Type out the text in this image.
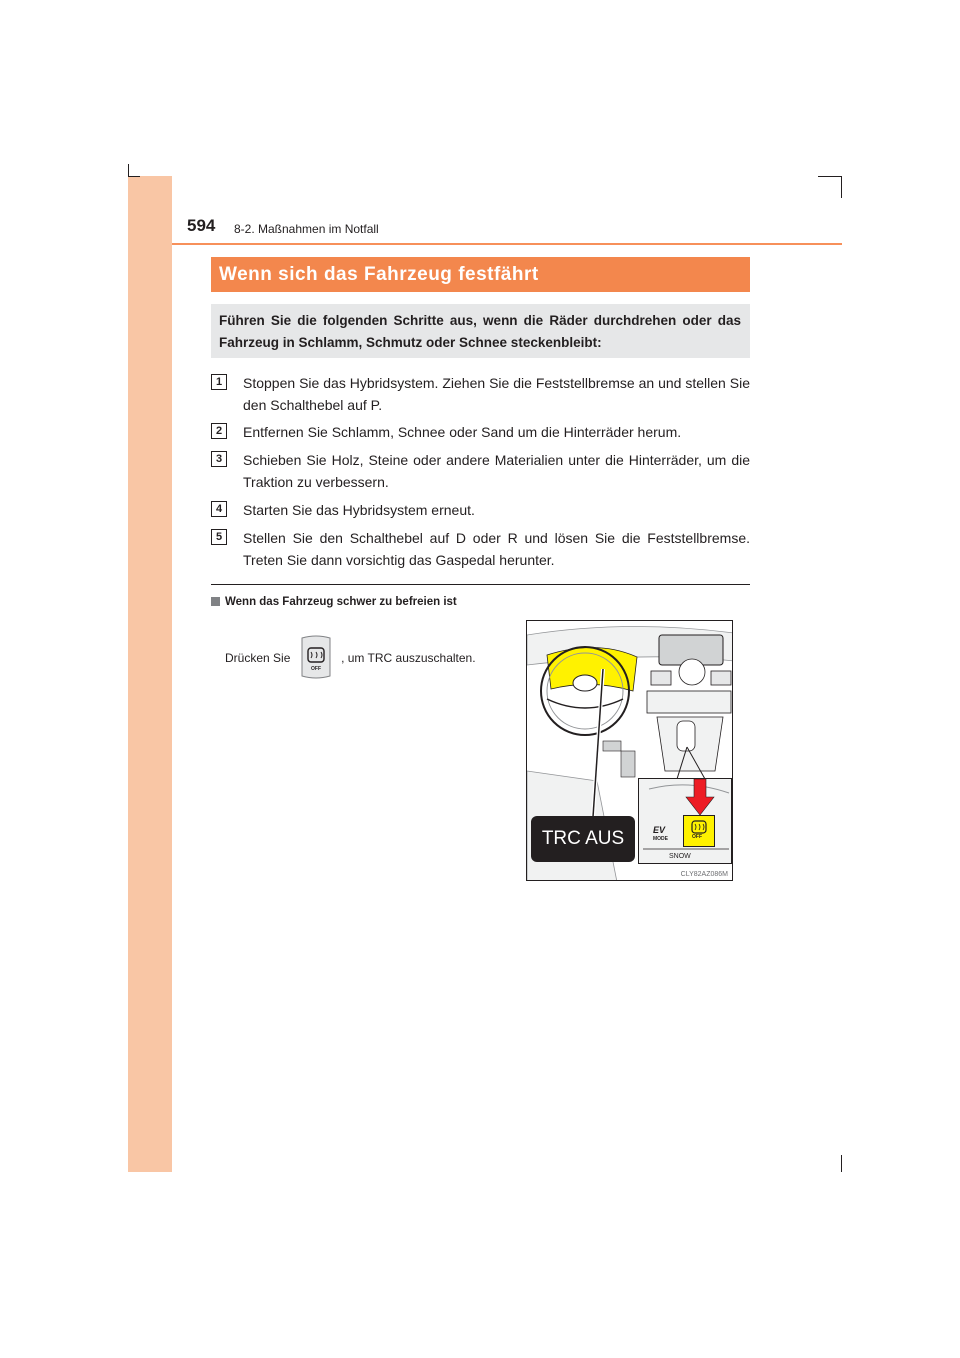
594 8-2. Maßnahmen im Notfall
Wenn sich das Fahrzeug festfährt
Führen Sie die folgenden Schritte aus, wenn die Räder durchdrehen oder das Fahrzeug in Schlamm, Schmutz oder Schnee steckenbleibt:
1	Stoppen Sie das Hybridsystem. Ziehen Sie die Feststellbremse an und stellen Sie den Schalthebel auf P.
2	Entfernen Sie Schlamm, Schnee oder Sand um die Hinterräder herum.
3	Schieben Sie Holz, Steine oder andere Materialien unter die Hinterräder, um die Traktion zu verbessern.
4	Starten Sie das Hybridsystem erneut.
5	Stellen Sie den Schalthebel auf D oder R und lösen Sie die Feststellbremse. Treten Sie dann vorsichtig das Gaspedal herunter.
Wenn das Fahrzeug schwer zu befreien ist
Drücken Sie
OFF
, um TRC auszuschalten.
EV
MODE	OFF
SNOW
TRC AUS
CLY82AZ086M
